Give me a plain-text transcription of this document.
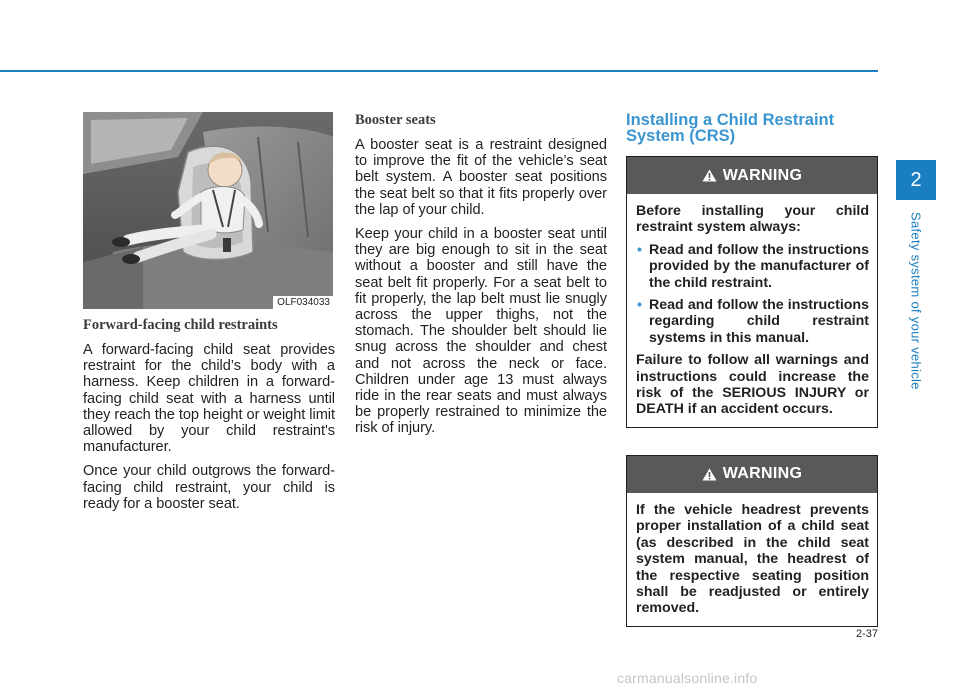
OLF034033
Forward-facing child restraints

A forward-facing child seat provides restraint for the child’s body with a harness. Keep children in a forward-facing child seat with a harness until they reach the top height or weight limit allowed by your child restraint's manufacturer.

Once your child outgrows the forward-facing child restraint, your child is ready for a booster seat.

Booster seats

A booster seat is a restraint designed to improve the fit of the vehicle’s seat belt system. A booster seat positions the seat belt so that it fits properly over the lap of your child.

Keep your child in a booster seat until they are big enough to sit in the seat without a booster and still have the seat belt fit properly. For a seat belt to fit properly, the lap belt must lie snugly across the upper thighs, not the stomach. The shoulder belt should lie snug across the shoulder and chest and not across the neck or face. Children under age 13 must always ride in the rear seats and must always be properly restrained to minimize the risk of injury.

Installing a Child Restraint System (CRS)
WARNING

Before installing your child restraint system always:

• Read and follow the instructions provided by the manufacturer of the child restraint.
• Read and follow the instructions regarding child restraint systems in this manual.

Failure to follow all warnings and instructions could increase the risk of the SERIOUS INJURY or DEATH if an accident occurs.

WARNING

If the vehicle headrest prevents proper installation of a child seat (as described in the child seat system manual, the headrest of the respective seating position shall be readjusted or entirely removed.

2
Safety system of your vehicle
2-37
carmanualsonline.info
